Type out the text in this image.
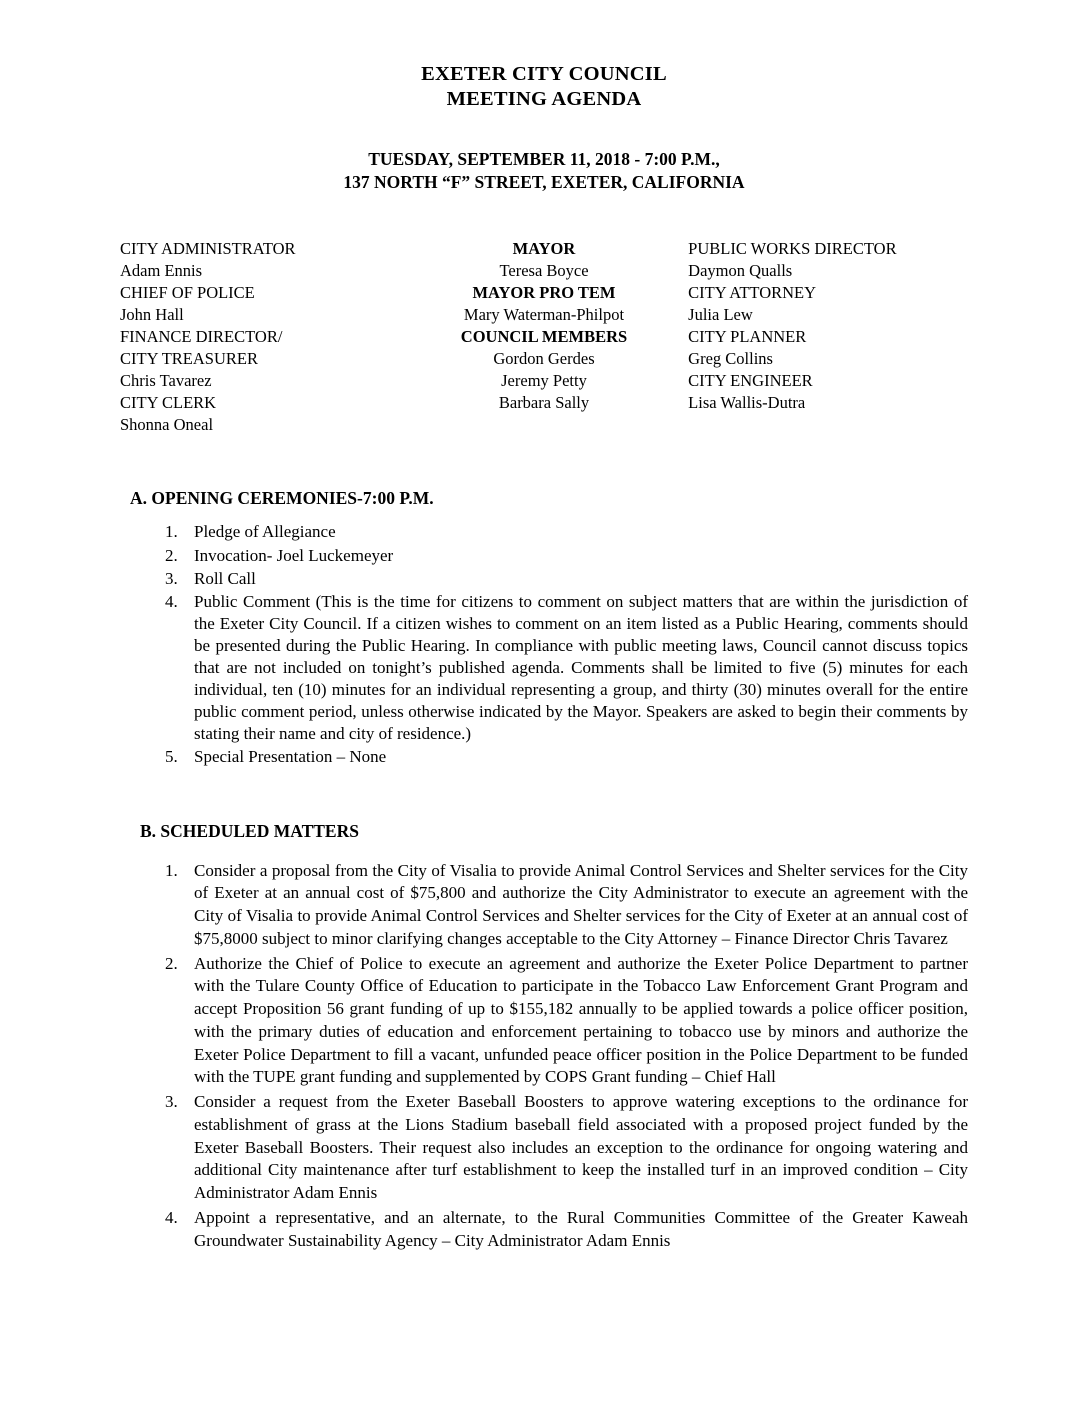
EXETER CITY COUNCIL
MEETING AGENDA
TUESDAY, SEPTEMBER 11, 2018 - 7:00 P.M.,
137 NORTH “F” STREET, EXETER, CALIFORNIA
CITY ADMINISTRATOR
Adam Ennis
CHIEF OF POLICE
John Hall
FINANCE DIRECTOR/
CITY TREASURER
Chris Tavarez
CITY CLERK
Shonna Oneal
MAYOR
Teresa Boyce
MAYOR PRO TEM
Mary Waterman-Philpot
COUNCIL MEMBERS
Gordon Gerdes
Jeremy Petty
Barbara Sally
PUBLIC WORKS DIRECTOR
Daymon Qualls
CITY ATTORNEY
Julia Lew
CITY PLANNER
Greg Collins
CITY ENGINEER
Lisa Wallis-Dutra
A. OPENING CEREMONIES-7:00 P.M.
1. Pledge of Allegiance
2. Invocation- Joel Luckemeyer
3. Roll Call
4. Public Comment (This is the time for citizens to comment on subject matters that are within the jurisdiction of the Exeter City Council. If a citizen wishes to comment on an item listed as a Public Hearing, comments should be presented during the Public Hearing. In compliance with public meeting laws, Council cannot discuss topics that are not included on tonight’s published agenda. Comments shall be limited to five (5) minutes for each individual, ten (10) minutes for an individual representing a group, and thirty (30) minutes overall for the entire public comment period, unless otherwise indicated by the Mayor. Speakers are asked to begin their comments by stating their name and city of residence.)
5. Special Presentation – None
B. SCHEDULED MATTERS
1. Consider a proposal from the City of Visalia to provide Animal Control Services and Shelter services for the City of Exeter at an annual cost of $75,800 and authorize the City Administrator to execute an agreement with the City of Visalia to provide Animal Control Services and Shelter services for the City of Exeter at an annual cost of $75,8000 subject to minor clarifying changes acceptable to the City Attorney – Finance Director Chris Tavarez
2. Authorize the Chief of Police to execute an agreement and authorize the Exeter Police Department to partner with the Tulare County Office of Education to participate in the Tobacco Law Enforcement Grant Program and accept Proposition 56 grant funding of up to $155,182 annually to be applied towards a police officer position, with the primary duties of education and enforcement pertaining to tobacco use by minors and authorize the Exeter Police Department to fill a vacant, unfunded peace officer position in the Police Department to be funded with the TUPE grant funding and supplemented by COPS Grant funding – Chief Hall
3. Consider a request from the Exeter Baseball Boosters to approve watering exceptions to the ordinance for establishment of grass at the Lions Stadium baseball field associated with a proposed project funded by the Exeter Baseball Boosters. Their request also includes an exception to the ordinance for ongoing watering and additional City maintenance after turf establishment to keep the installed turf in an improved condition – City Administrator Adam Ennis
4. Appoint a representative, and an alternate, to the Rural Communities Committee of the Greater Kaweah Groundwater Sustainability Agency – City Administrator Adam Ennis
